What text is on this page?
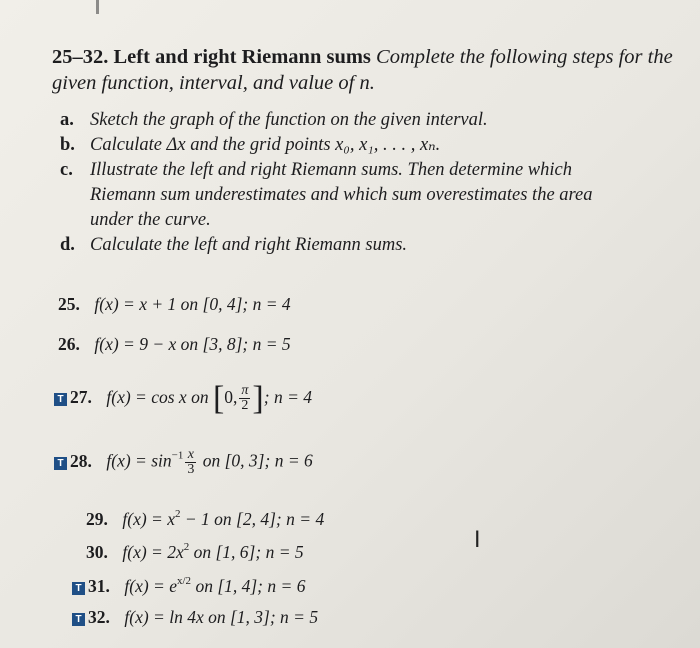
25–32. Left and right Riemann sums Complete the following steps for the given function, interval, and value of n.
a. Sketch the graph of the function on the given interval.
b. Calculate Δx and the grid points x₀, x₁, . . . , xₙ.
c. Illustrate the left and right Riemann sums. Then determine which
Riemann sum underestimates and which sum overestimates the area
under the curve.
d. Calculate the left and right Riemann sums.
25. f(x) = x + 1 on [0, 4]; n = 4
26. f(x) = 9 − x on [3, 8]; n = 5
T 27. f(x) = cos x on [0, $\frac{\pi}{2}$ ]; n = 4
T 28. $f(x) = \sin^{-1} \frac{x}{3}$ on [0, 3]; n = 6
29. $f(x) = x^2 - 1$ on [2, 4]; n = 4
30. $f(x) = 2x^2$ on [1, 6]; n = 5
T 31. $f(x) = e^{x/2}$ on [1, 4]; n = 6
T 32. f(x) = ln 4x on [1, 3]; n = 5
I
